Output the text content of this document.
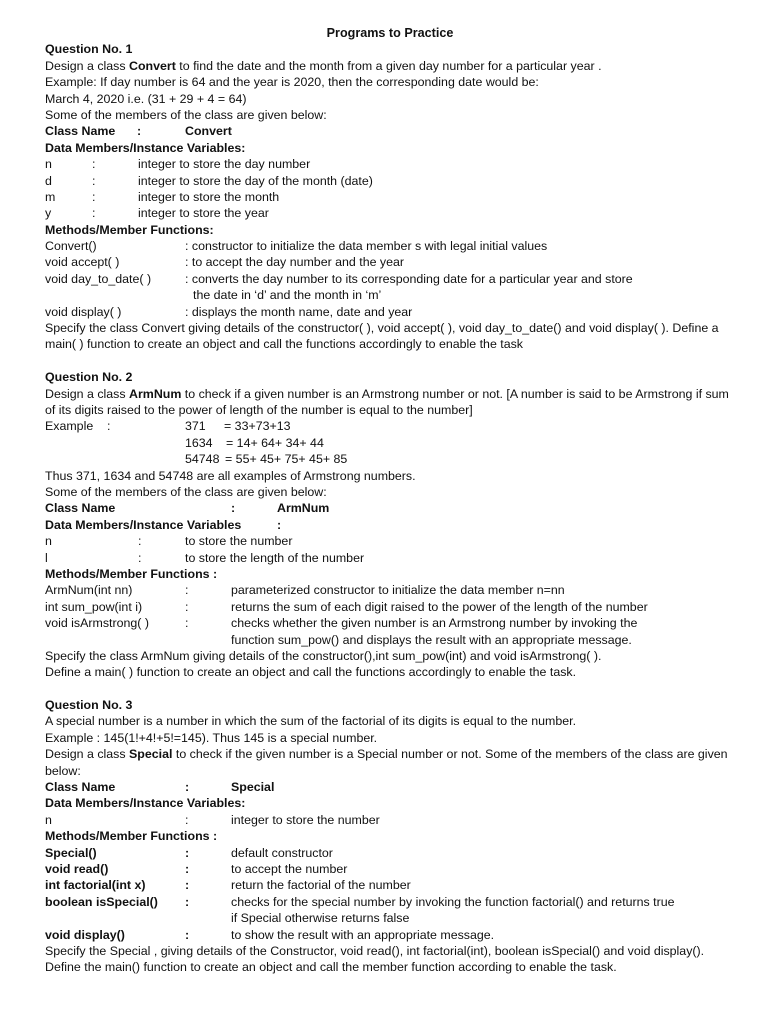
Programs to Practice
Question No. 1
Design a class Convert to find the date and the month from a given day number for a particular year .
Example: If day number is 64 and the year is 2020, then the corresponding date would be:
March 4, 2020 i.e. (31 + 29 + 4 = 64)
Some of the members of the class are given below:
Class Name :	Convert
Data Members/Instance Variables:
n	:	integer to store the day number
d	:	integer to store the day of the month (date)
m	:	integer to store the month
y	:	integer to store the year
Methods/Member Functions:
Convert()	: constructor to initialize the data member s with legal initial values
void accept( )	: to accept the day number and the year
void day_to_date( )	: converts the day number to its corresponding date for a particular year and store
the date in ‘d’ and the month in ‘m’
void display( )	: displays the month name, date and year
Specify the class Convert giving details of the constructor( ), void accept( ), void day_to_date() and void display( ). Define a main( ) function to create an object and call the functions accordingly to enable the task
Question No. 2
Design a class ArmNum to check if a given number is an Armstrong number or not. [A number is said to be Armstrong if sum of its digits raised to the power of length of the number is equal to the number]
Example :	371 = 33+73+13
1634 = 14+ 64+ 34+ 44
54748 = 55+ 45+ 75+ 45+ 85
Thus 371, 1634 and 54748 are all examples of Armstrong numbers.
Some of the members of the class are given below:
Class Name	:	ArmNum
Data Members/Instance Variables	:
n	:	to store the number
l	:	to store the length of the number
Methods/Member Functions :
ArmNum(int nn)	:	parameterized constructor to initialize the data member n=nn
int sum_pow(int i)	:	returns the sum of each digit raised to the power of the length of the number
void isArmstrong( )	:	checks whether the given number is an Armstrong number by invoking the
function sum_pow() and displays the result with an appropriate message.
Specify the class ArmNum giving details of the constructor(),int sum_pow(int) and void isArmstrong( ).
Define a main( ) function to create an object and call the functions accordingly to enable the task.
Question No. 3
A special number is a number in which the sum of the factorial of its digits is equal to the number.
Example : 145(1!+4!+5!=145). Thus 145 is a special number.
Design a class Special to check if the given number is a Special number or not. Some of the members of the class are given below:
Class Name	:	Special
Data Members/Instance Variables:
n	:	integer to store the number
Methods/Member Functions :
Special()	:	default constructor
void read()	:	to accept the number
int factorial(int x)	:	return the factorial of the number
boolean isSpecial() :	checks for the special number by invoking the function factorial() and returns true
if Special otherwise returns false
void display()	:	to show the result with an appropriate message.
Specify the Special , giving details of the Constructor, void read(), int factorial(int), boolean isSpecial() and void display(). Define the main() function to create an object and call the member function according to enable the task.
